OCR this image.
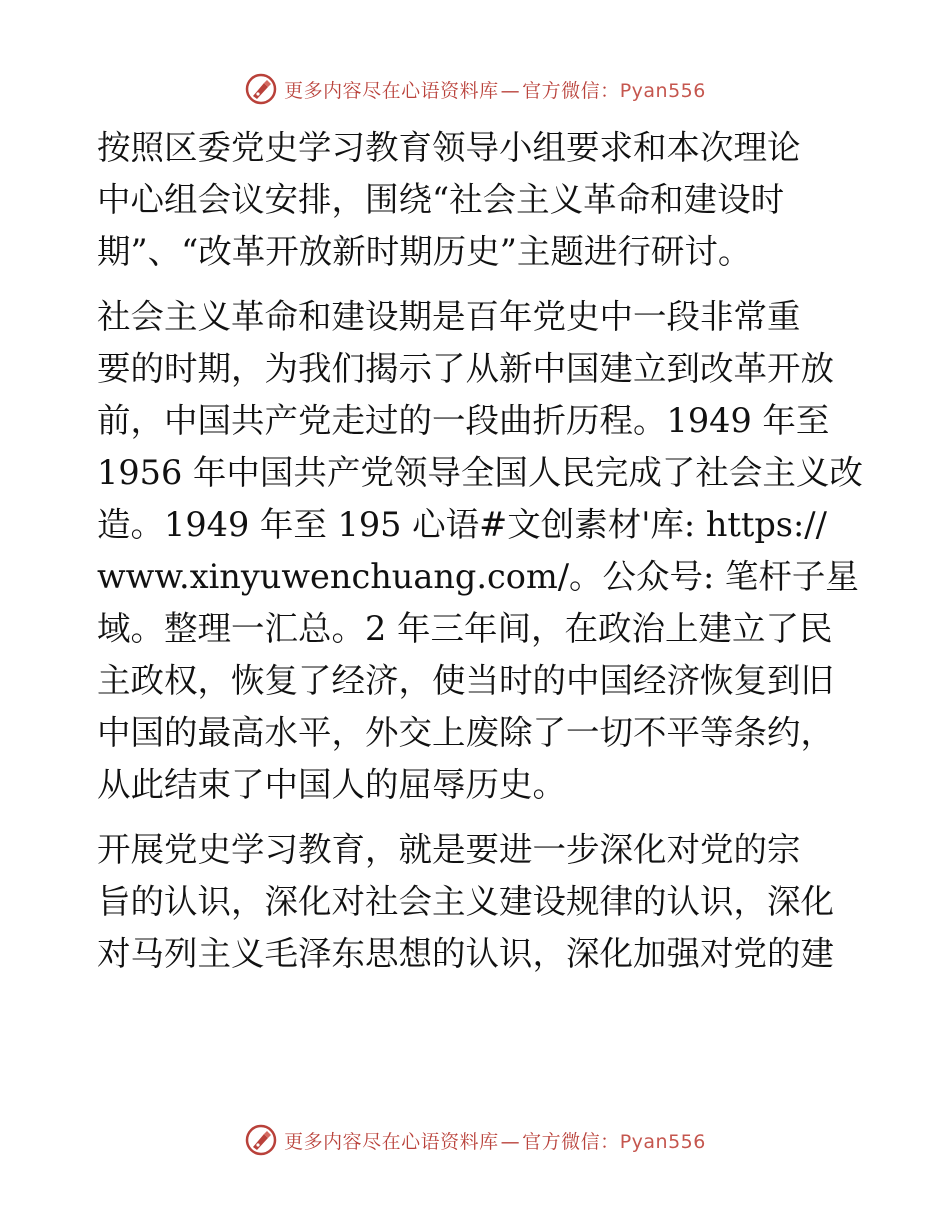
更多内容尽在心语资料库 — 官方微信：Pyan556

按照区委党史学习教育领导小组要求和本次理论
中心组会议安排，围绕“社会主义革命和建设时
期”、“改革开放新时期历史”主题进行研讨。

社会主义革命和建设期是百年党史中一段非常重
要的时期，为我们揭示了从新中国建立到改革开放
前，中国共产党走过的一段曲折历程。1949 年至
1956 年中国共产党领导全国人民完成了社会主义改
造。1949 年至 195 心语#文创素材'库: https://
www.xinyuwenchuang.com/。公众号: 笔杆子星
域。整理一汇总。2 年三年间，在政治上建立了民
主政权，恢复了经济，使当时的中国经济恢复到旧
中国的最高水平，外交上废除了一切不平等条约，
从此结束了中国人的屈辱历史。

开展党史学习教育，就是要进一步深化对党的宗
旨的认识，深化对社会主义建设规律的认识，深化
对马列主义毛泽东思想的认识，深化加强对党的建

更多内容尽在心语资料库 — 官方微信：Pyan556
